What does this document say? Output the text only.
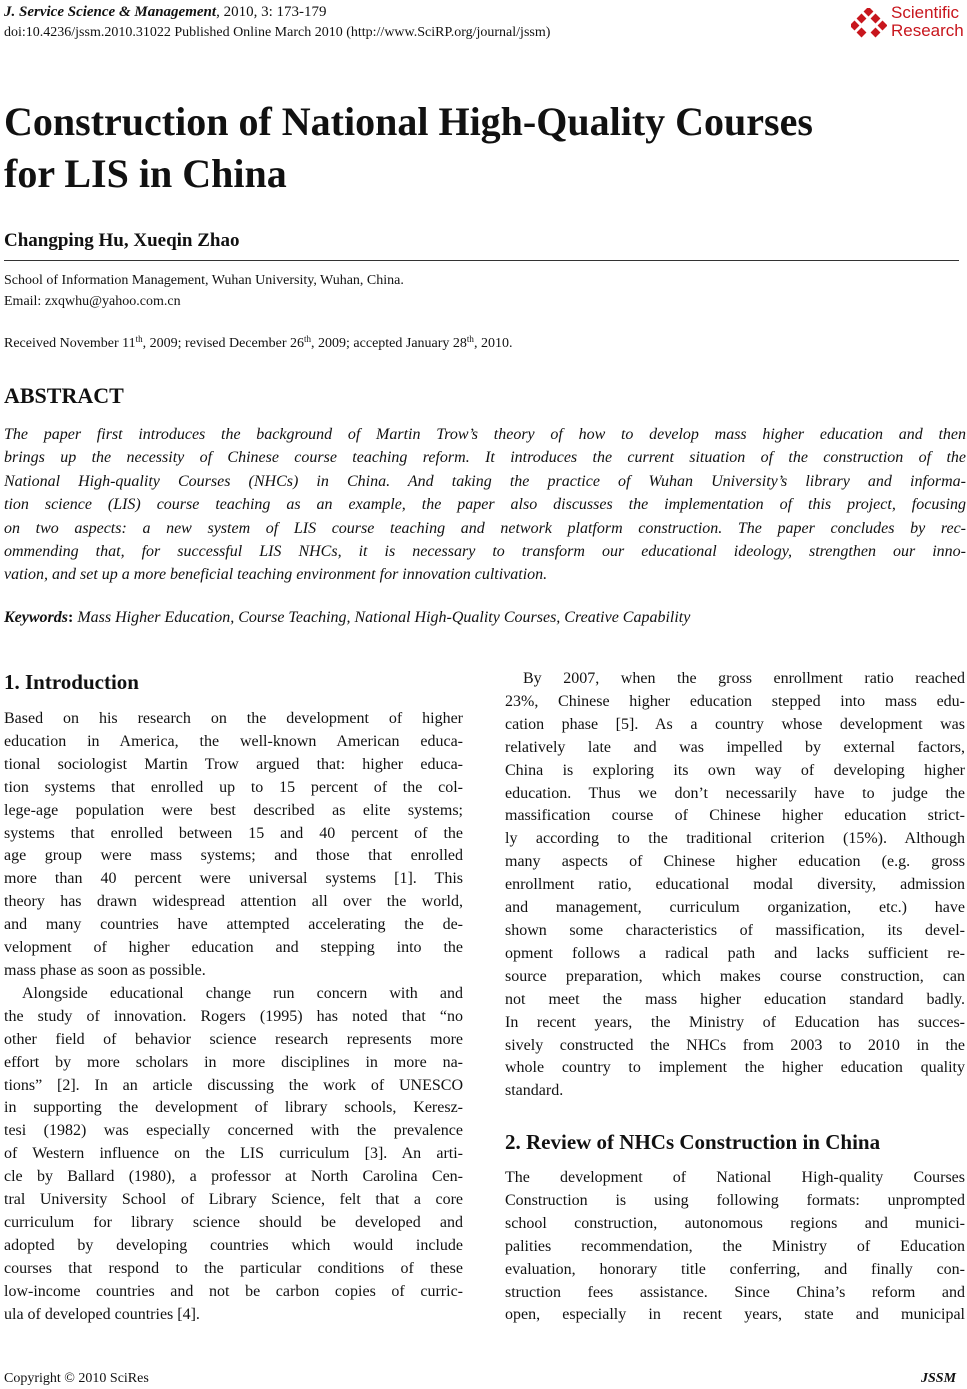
J. Service Science & Management, 2010, 3: 173-179
doi:10.4236/jssm.2010.31022 Published Online March 2010 (http://www.SciRP.org/journal/jssm)
Scientific
Research
Construction of National High-Quality Courses
for LIS in China
Changping Hu, Xueqin Zhao
School of Information Management, Wuhan University, Wuhan, China.
Email: zxqwhu@yahoo.com.cn
Received November 11th, 2009; revised December 26th, 2009; accepted January 28th, 2010.
ABSTRACT
The paper first introduces the background of Martin Trow’s theory of how to develop mass higher education and then
brings up the necessity of Chinese course teaching reform. It introduces the current situation of the construction of the
National High-quality Courses (NHCs) in China. And taking the practice of Wuhan University’s library and informa-
tion science (LIS) course teaching as an example, the paper also discusses the implementation of this project, focusing
on two aspects: a new system of LIS course teaching and network platform construction. The paper concludes by rec-
ommending that, for successful LIS NHCs, it is necessary to transform our educational ideology, strengthen our inno-
vation, and set up a more beneficial teaching environment for innovation cultivation.
Keywords: Mass Higher Education, Course Teaching, National High-Quality Courses, Creative Capability
1. Introduction
Based on his research on the development of higher
education in America, the well-known American educa-
tional sociologist Martin Trow argued that: higher educa-
tion systems that enrolled up to 15 percent of the col-
lege-age population were best described as elite systems;
systems that enrolled between 15 and 40 percent of the
age group were mass systems; and those that enrolled
more than 40 percent were universal systems [1]. This
theory has drawn widespread attention all over the world,
and many countries have attempted accelerating the de-
velopment of higher education and stepping into the
mass phase as soon as possible.
Alongside educational change run concern with and
the study of innovation. Rogers (1995) has noted that “no
other field of behavior science research represents more
effort by more scholars in more disciplines in more na-
tions” [2]. In an article discussing the work of UNESCO
in supporting the development of library schools, Keresz-
tesi (1982) was especially concerned with the prevalence
of Western influence on the LIS curriculum [3]. An arti-
cle by Ballard (1980), a professor at North Carolina Cen-
tral University School of Library Science, felt that a core
curriculum for library science should be developed and
adopted by developing countries which would include
courses that respond to the particular conditions of these
low-income countries and not be carbon copies of curric-
ula of developed countries [4].
By 2007, when the gross enrollment ratio reached
23%, Chinese higher education stepped into mass edu-
cation phase [5]. As a country whose development was
relatively late and was impelled by external factors,
China is exploring its own way of developing higher
education. Thus we don’t necessarily have to judge the
massification course of Chinese higher education strict-
ly according to the traditional criterion (15%). Although
many aspects of Chinese higher education (e.g. gross
enrollment ratio, educational modal diversity, admission
and management, curriculum organization, etc.) have
shown some characteristics of massification, its devel-
opment follows a radical path and lacks sufficient re-
source preparation, which makes course construction, can
not meet the mass higher education standard badly.
In recent years, the Ministry of Education has succes-
sively constructed the NHCs from 2003 to 2010 in the
whole country to implement the higher education quality
standard.
2. Review of NHCs Construction in China
The development of National High-quality Courses
Construction is using following formats: unprompted
school construction, autonomous regions and munici-
palities recommendation, the Ministry of Education
evaluation, honorary title conferring, and finally con-
struction fees assistance. Since China’s reform and
open, especially in recent years, state and municipal
Copyright © 2010 SciRes	JSSM
